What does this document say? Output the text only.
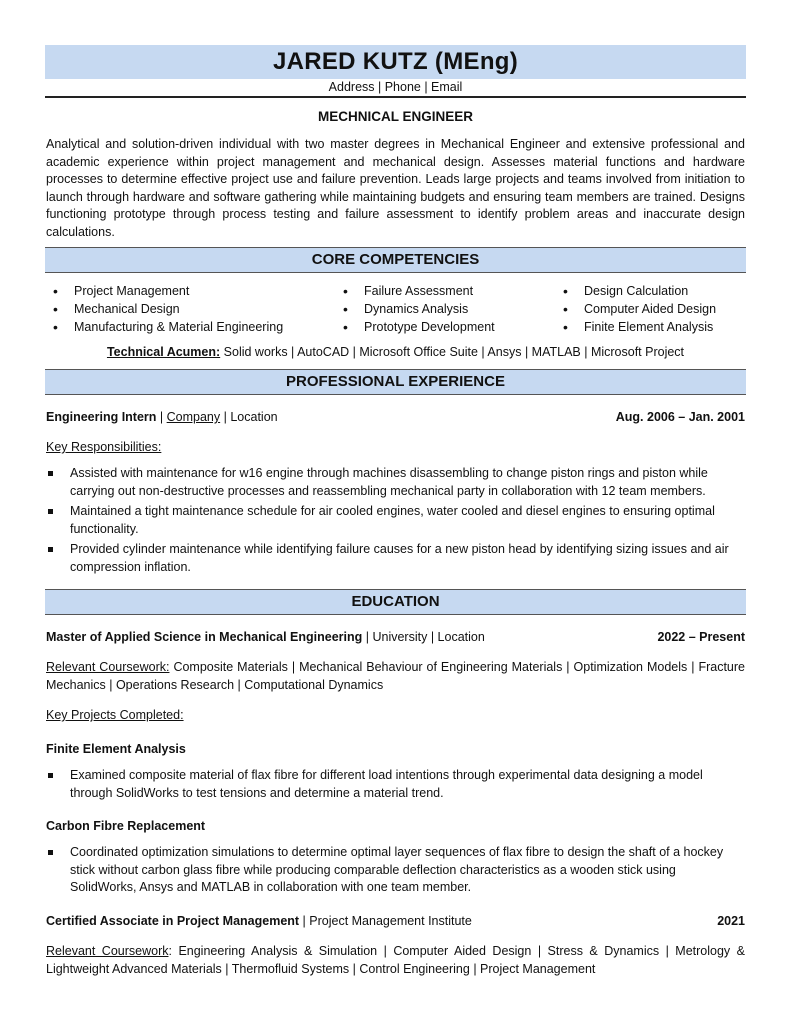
JARED KUTZ (MEng)
Address | Phone | Email
MECHNICAL ENGINEER
Analytical and solution-driven individual with two master degrees in Mechanical Engineer and extensive professional and academic experience within project management and mechanical design. Assesses material functions and hardware processes to determine effective project use and failure prevention. Leads large projects and teams involved from initiation to launch through hardware and software gathering while maintaining budgets and ensuring team members are trained. Designs functioning prototype through process testing and failure assessment to identify problem areas and inaccurate design calculations.
CORE COMPETENCIES
• Project Management
• Mechanical Design
• Manufacturing & Material Engineering
• Failure Assessment
• Dynamics Analysis
• Prototype Development
• Design Calculation
• Computer Aided Design
• Finite Element Analysis
Technical Acumen: Solid works | AutoCAD | Microsoft Office Suite | Ansys | MATLAB | Microsoft Project
PROFESSIONAL EXPERIENCE
Engineering Intern | Company | Location	Aug. 2006 – Jan. 2001
Key Responsibilities:
Assisted with maintenance for w16 engine through machines disassembling to change piston rings and piston while carrying out non-destructive processes and reassembling mechanical party in collaboration with 12 team members.
Maintained a tight maintenance schedule for air cooled engines, water cooled and diesel engines to ensuring optimal functionality.
Provided cylinder maintenance while identifying failure causes for a new piston head by identifying sizing issues and air compression inflation.
EDUCATION
Master of Applied Science in Mechanical Engineering | University | Location	2022 – Present
Relevant Coursework: Composite Materials | Mechanical Behaviour of Engineering Materials | Optimization Models | Fracture Mechanics | Operations Research | Computational Dynamics
Key Projects Completed:
Finite Element Analysis
Examined composite material of flax fibre for different load intentions through experimental data designing a model through SolidWorks to test tensions and determine a material trend.
Carbon Fibre Replacement
Coordinated optimization simulations to determine optimal layer sequences of flax fibre to design the shaft of a hockey stick without carbon glass fibre while producing comparable deflection characteristics as a wooden stick using SolidWorks, Ansys and MATLAB in collaboration with one team member.
Certified Associate in Project Management | Project Management Institute	2021
Relevant Coursework: Engineering Analysis & Simulation | Computer Aided Design | Stress & Dynamics | Metrology & Lightweight Advanced Materials | Thermofluid Systems | Control Engineering | Project Management
